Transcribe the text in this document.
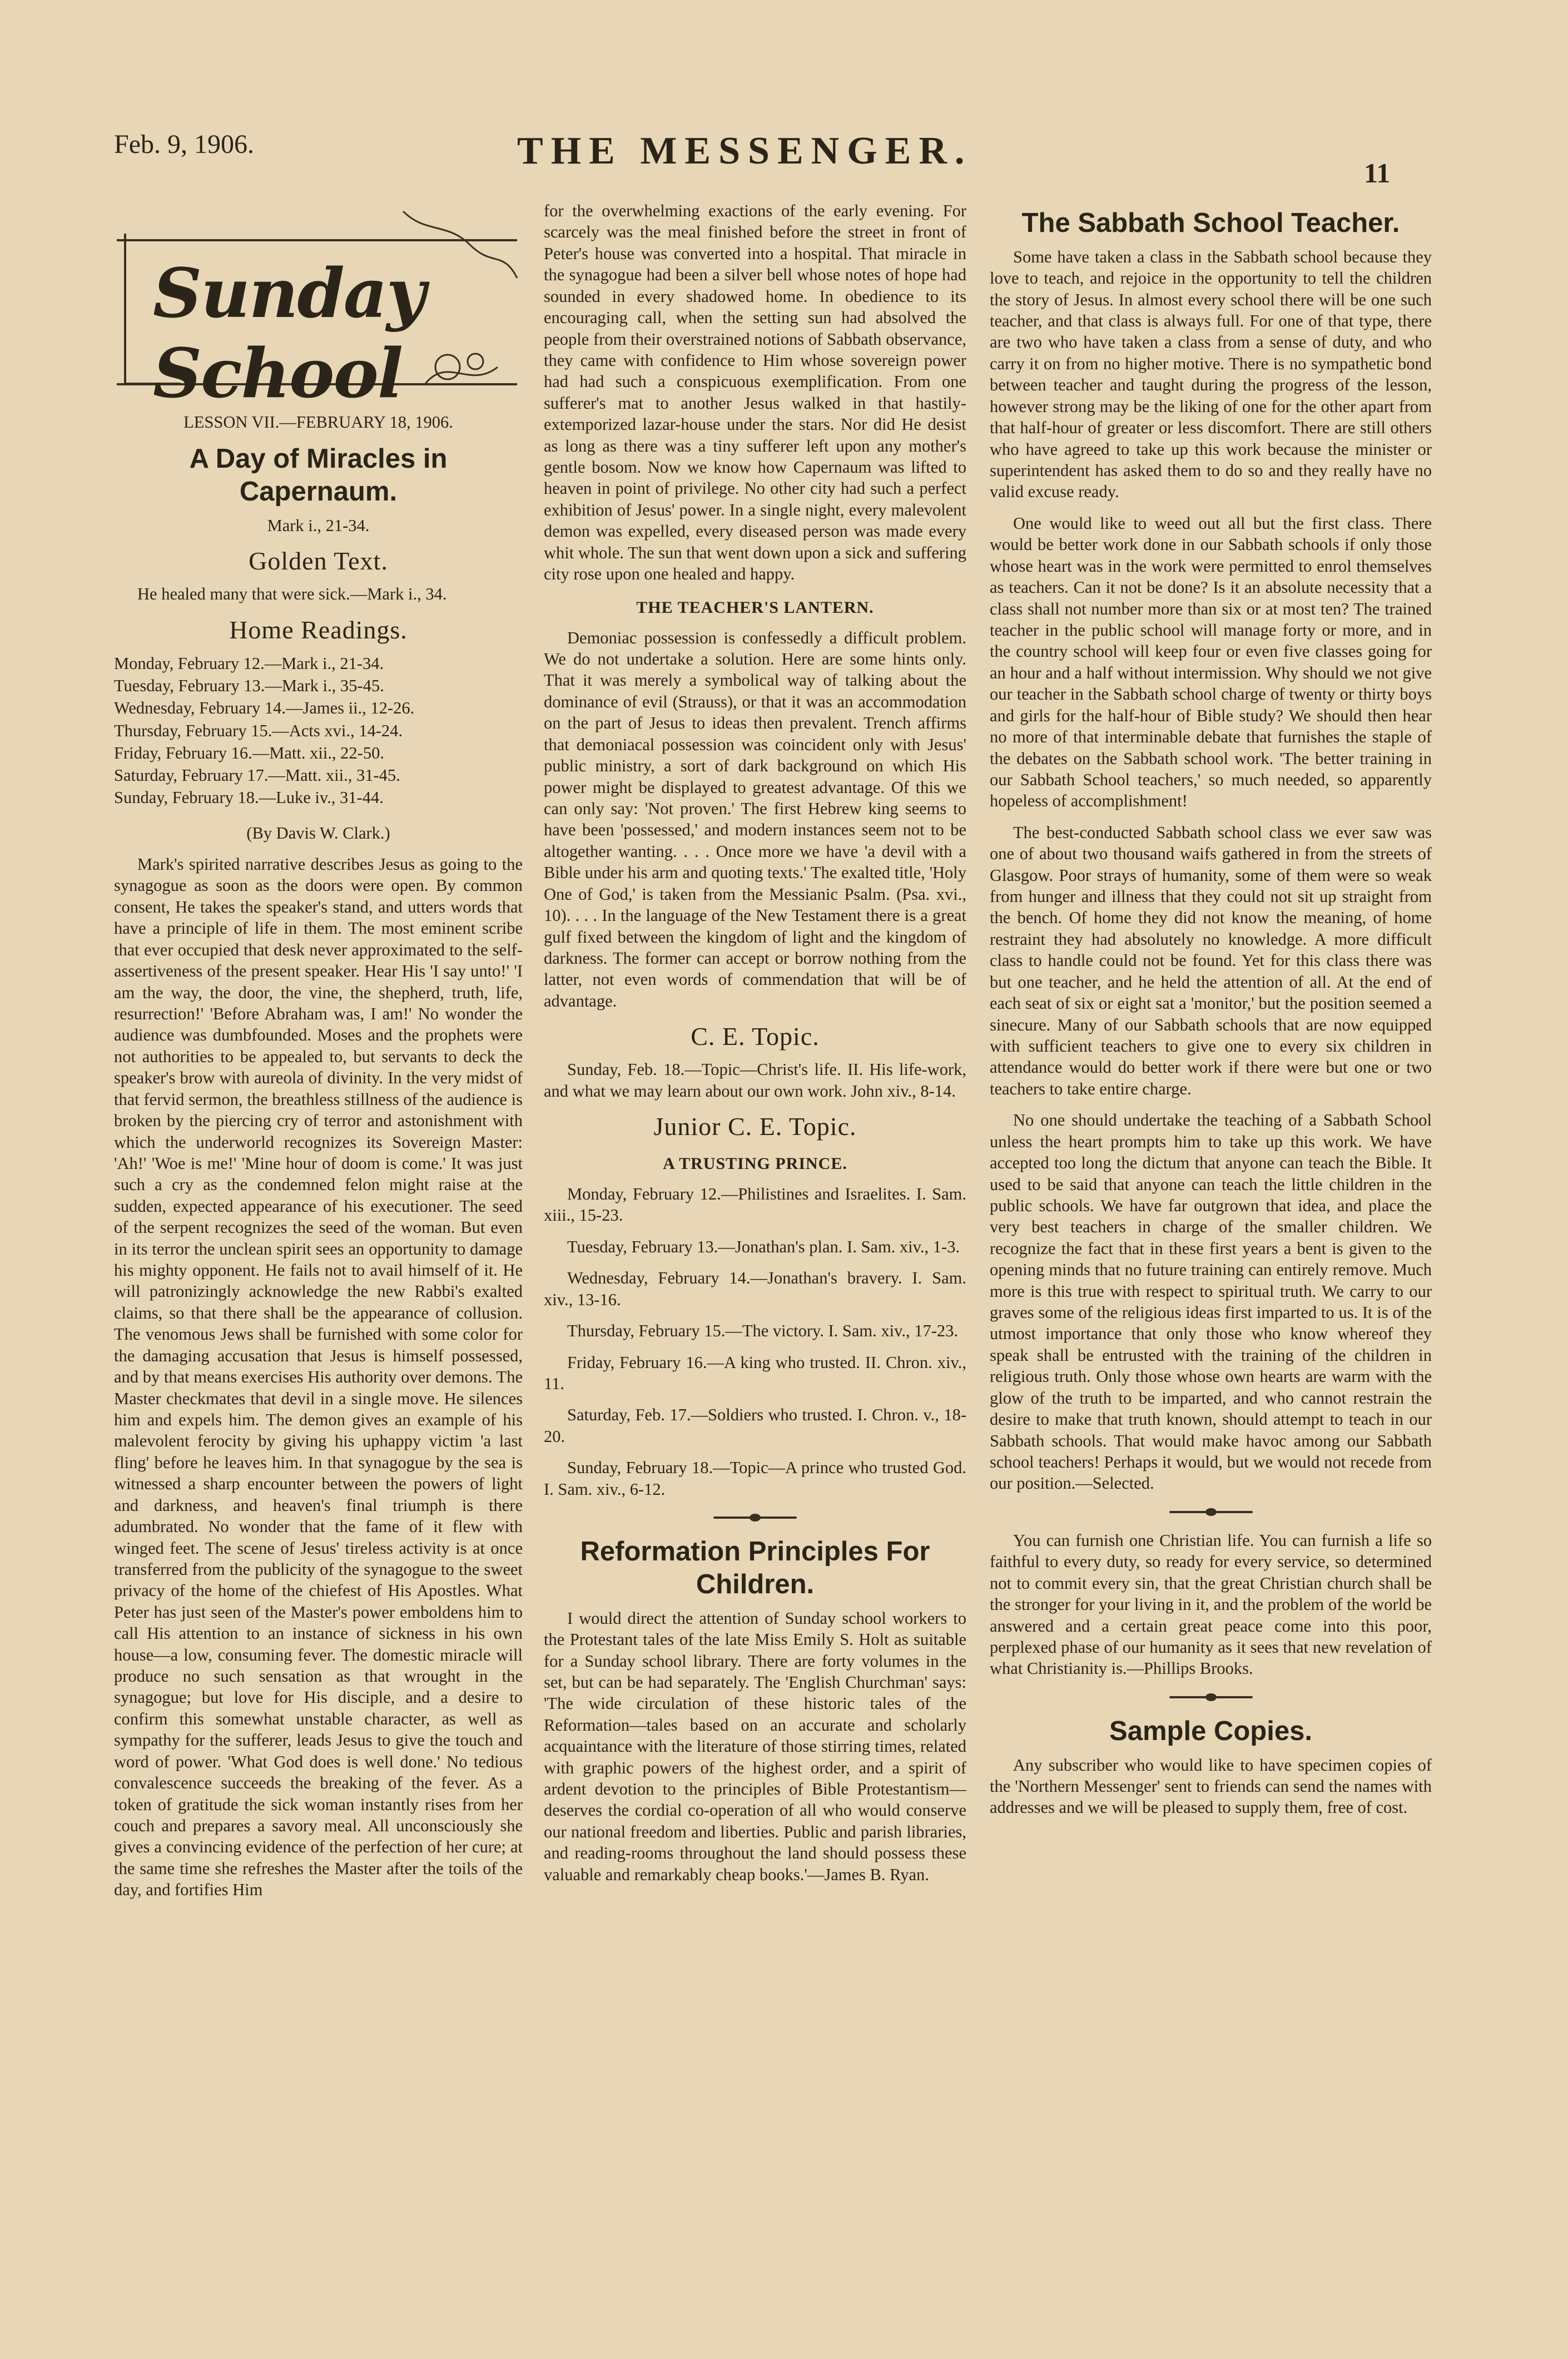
Feb. 9, 1906.	THE MESSENGER.
11
Sunday School

LESSON VII.—FEBRUARY 18, 1906.

A Day of Miracles in Capernaum.

Mark i., 21-34.

Golden Text.

He healed many that were sick.—Mark i., 34.

Home Readings.
Monday, February 12.—Mark i., 21-34.
Tuesday, February 13.—Mark i., 35-45.
Wednesday, February 14.—James ii., 12-26.
Thursday, February 15.—Acts xvi., 14-24.
Friday, February 16.—Matt. xii., 22-50.
Saturday, February 17.—Matt. xii., 31-45.
Sunday, February 18.—Luke iv., 31-44.

(By Davis W. Clark.)

Mark's spirited narrative describes Jesus as going to the synagogue as soon as the doors were open. By common consent, He takes the speaker's stand, and utters words that have a principle of life in them. The most eminent scribe that ever occupied that desk never approximated to the self-assertiveness of the present speaker. Hear His 'I say unto!' 'I am the way, the door, the vine, the shepherd, truth, life, resurrection!' 'Before Abraham was, I am!' No wonder the audience was dumbfounded. Moses and the prophets were not authorities to be appealed to, but servants to deck the speaker's brow with aureola of divinity. In the very midst of that fervid sermon, the breathless stillness of the audience is broken by the piercing cry of terror and astonishment with which the underworld recognizes its Sovereign Master: 'Ah!' 'Woe is me!' 'Mine hour of doom is come.' It was just such a cry as the condemned felon might raise at the sudden, expected appearance of his executioner. The seed of the serpent recognizes the seed of the woman. But even in its terror the unclean spirit sees an opportunity to damage his mighty opponent. He fails not to avail himself of it. He will patronizingly acknowledge the new Rabbi's exalted claims, so that there shall be the appearance of collusion. The venomous Jews shall be furnished with some color for the damaging accusation that Jesus is himself possessed, and by that means exercises His authority over demons. The Master checkmates that devil in a single move. He silences him and expels him. The demon gives an example of his malevolent ferocity by giving his uphappy victim 'a last fling' before he leaves him. In that synagogue by the sea is witnessed a sharp encounter between the powers of light and darkness, and heaven's final triumph is there adumbrated. No wonder that the fame of it flew with winged feet. The scene of Jesus' tireless activity is at once transferred from the publicity of the synagogue to the sweet privacy of the home of the chiefest of His Apostles. What Peter has just seen of the Master's power emboldens him to call His attention to an instance of sickness in his own house—a low, consuming fever. The domestic miracle will produce no such sensation as that wrought in the synagogue; but love for His disciple, and a desire to confirm this somewhat unstable character, as well as sympathy for the sufferer, leads Jesus to give the touch and word of power. 'What God does is well done.' No tedious convalescence succeeds the breaking of the fever. As a token of gratitude the sick woman instantly rises from her couch and prepares a savory meal. All unconsciously she gives a convincing evidence of the perfection of her cure; at the same time she refreshes the Master after the toils of the day, and fortifies Him

for the overwhelming exactions of the early evening. For scarcely was the meal finished before the street in front of Peter's house was converted into a hospital. That miracle in the synagogue had been a silver bell whose notes of hope had sounded in every shadowed home. In obedience to its encouraging call, when the setting sun had absolved the people from their overstrained notions of Sabbath observance, they came with confidence to Him whose sovereign power had had such a conspicuous exemplification. From one sufferer's mat to another Jesus walked in that hastily-extemporized lazar-house under the stars. Nor did He desist as long as there was a tiny sufferer left upon any mother's gentle bosom. Now we know how Capernaum was lifted to heaven in point of privilege. No other city had such a perfect exhibition of Jesus' power. In a single night, every malevolent demon was expelled, every diseased person was made every whit whole. The sun that went down upon a sick and suffering city rose upon one healed and happy.

THE TEACHER'S LANTERN.

Demoniac possession is confessedly a difficult problem. We do not undertake a solution. Here are some hints only. That it was merely a symbolical way of talking about the dominance of evil (Strauss), or that it was an accommodation on the part of Jesus to ideas then prevalent. Trench affirms that demoniacal possession was coincident only with Jesus' public ministry, a sort of dark background on which His power might be displayed to greatest advantage. Of this we can only say: 'Not proven.' The first Hebrew king seems to have been 'possessed,' and modern instances seem not to be altogether wanting. . . . Once more we have 'a devil with a Bible under his arm and quoting texts.' The exalted title, 'Holy One of God,' is taken from the Messianic Psalm. (Psa. xvi., 10). . . . In the language of the New Testament there is a great gulf fixed between the kingdom of light and the kingdom of darkness. The former can accept or borrow nothing from the latter, not even words of commendation that will be of advantage.

C. E. Topic.

Sunday, Feb. 18.—Topic—Christ's life. II. His life-work, and what we may learn about our own work. John xiv., 8-14.

Junior C. E. Topic.
A TRUSTING PRINCE.

Monday, February 12.—Philistines and Israelites. I. Sam. xiii., 15-23.

Tuesday, February 13.—Jonathan's plan. I. Sam. xiv., 1-3.

Wednesday, February 14.—Jonathan's bravery. I. Sam. xiv., 13-16.

Thursday, February 15.—The victory. I. Sam. xiv., 17-23.

Friday, February 16.—A king who trusted. II. Chron. xiv., 11.

Saturday, Feb. 17.—Soldiers who trusted. I. Chron. v., 18-20.

Sunday, February 18.—Topic—A prince who trusted God. I. Sam. xiv., 6-12.

Reformation Principles For Children.

I would direct the attention of Sunday school workers to the Protestant tales of the late Miss Emily S. Holt as suitable for a Sunday school library. There are forty volumes in the set, but can be had separately. The 'English Churchman' says: 'The wide circulation of these historic tales of the Reformation—tales based on an accurate and scholarly acquaintance with the literature of those stirring times, related with graphic powers of the highest order, and a spirit of ardent devotion to the principles of Bible Protestantism—deserves the cordial co-operation of all who would conserve our national freedom and liberties. Public and parish libraries, and reading-rooms throughout the land should possess these valuable and remarkably cheap books.'—James B. Ryan.

The Sabbath School Teacher.

Some have taken a class in the Sabbath school because they love to teach, and rejoice in the opportunity to tell the children the story of Jesus. In almost every school there will be one such teacher, and that class is always full. For one of that type, there are two who have taken a class from a sense of duty, and who carry it on from no higher motive. There is no sympathetic bond between teacher and taught during the progress of the lesson, however strong may be the liking of one for the other apart from that half-hour of greater or less discomfort. There are still others who have agreed to take up this work because the minister or superintendent has asked them to do so and they really have no valid excuse ready.

One would like to weed out all but the first class. There would be better work done in our Sabbath schools if only those whose heart was in the work were permitted to enrol themselves as teachers. Can it not be done? Is it an absolute necessity that a class shall not number more than six or at most ten? The trained teacher in the public school will manage forty or more, and in the country school will keep four or even five classes going for an hour and a half without intermission. Why should we not give our teacher in the Sabbath school charge of twenty or thirty boys and girls for the half-hour of Bible study? We should then hear no more of that interminable debate that furnishes the staple of the debates on the Sabbath school work. 'The better training in our Sabbath School teachers,' so much needed, so apparently hopeless of accomplishment!

The best-conducted Sabbath school class we ever saw was one of about two thousand waifs gathered in from the streets of Glasgow. Poor strays of humanity, some of them were so weak from hunger and illness that they could not sit up straight from the bench. Of home they did not know the meaning, of home restraint they had absolutely no knowledge. A more difficult class to handle could not be found. Yet for this class there was but one teacher, and he held the attention of all. At the end of each seat of six or eight sat a 'monitor,' but the position seemed a sinecure. Many of our Sabbath schools that are now equipped with sufficient teachers to give one to every six children in attendance would do better work if there were but one or two teachers to take entire charge.

No one should undertake the teaching of a Sabbath School unless the heart prompts him to take up this work. We have accepted too long the dictum that anyone can teach the Bible. It used to be said that anyone can teach the little children in the public schools. We have far outgrown that idea, and place the very best teachers in charge of the smaller children. We recognize the fact that in these first years a bent is given to the opening minds that no future training can entirely remove. Much more is this true with respect to spiritual truth. We carry to our graves some of the religious ideas first imparted to us. It is of the utmost importance that only those who know whereof they speak shall be entrusted with the training of the children in religious truth. Only those whose own hearts are warm with the glow of the truth to be imparted, and who cannot restrain the desire to make that truth known, should attempt to teach in our Sabbath schools. That would make havoc among our Sabbath school teachers! Perhaps it would, but we would not recede from our position.—Selected.

You can furnish one Christian life. You can furnish a life so faithful to every duty, so ready for every service, so determined not to commit every sin, that the great Christian church shall be the stronger for your living in it, and the problem of the world be answered and a certain great peace come into this poor, perplexed phase of our humanity as it sees that new revelation of what Christianity is.—Phillips Brooks.

Sample Copies.

Any subscriber who would like to have specimen copies of the 'Northern Messenger' sent to friends can send the names with addresses and we will be pleased to supply them, free of cost.
